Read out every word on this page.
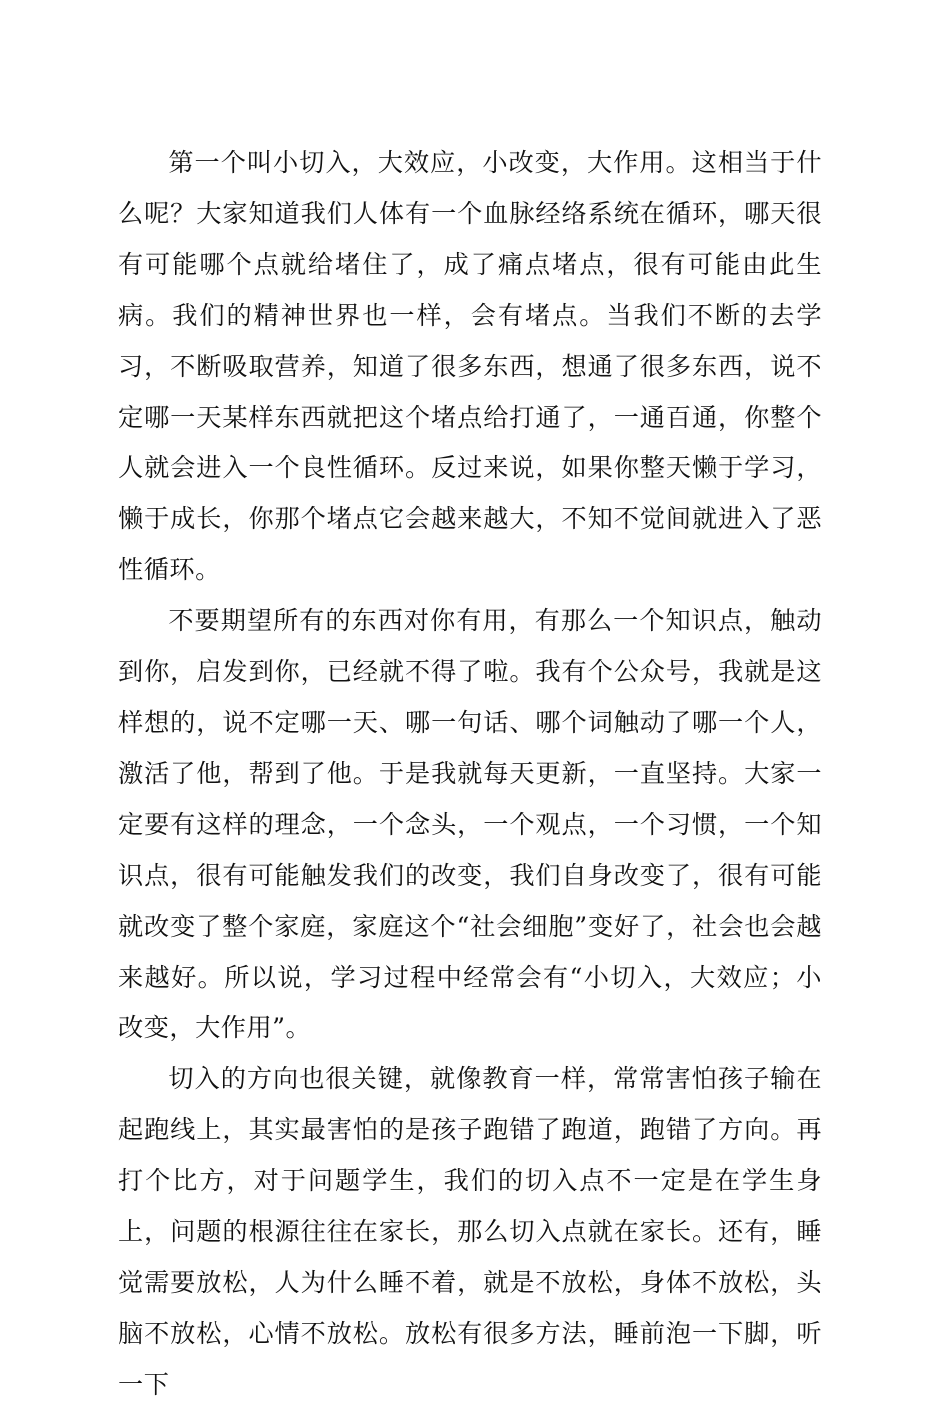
第一个叫小切入，大效应，小改变，大作用。这相当于什么呢？大家知道我们人体有一个血脉经络系统在循环，哪天很有可能哪个点就给堵住了，成了痛点堵点，很有可能由此生病。我们的精神世界也一样，会有堵点。当我们不断的去学习，不断吸取营养，知道了很多东西，想通了很多东西，说不定哪一天某样东西就把这个堵点给打通了，一通百通，你整个人就会进入一个良性循环。反过来说，如果你整天懒于学习，懒于成长，你那个堵点它会越来越大，不知不觉间就进入了恶性循环。

不要期望所有的东西对你有用，有那么一个知识点，触动到你，启发到你，已经就不得了啦。我有个公众号，我就是这样想的，说不定哪一天、哪一句话、哪个词触动了哪一个人，激活了他，帮到了他。于是我就每天更新，一直坚持。大家一定要有这样的理念，一个念头，一个观点，一个习惯，一个知识点，很有可能触发我们的改变，我们自身改变了，很有可能就改变了整个家庭，家庭这个“社会细胞”变好了，社会也会越来越好。所以说，学习过程中经常会有“小切入，大效应；小改变，大作用”。

切入的方向也很关键，就像教育一样，常常害怕孩子输在起跑线上，其实最害怕的是孩子跑错了跑道，跑错了方向。再打个比方，对于问题学生，我们的切入点不一定是在学生身上，问题的根源往往在家长，那么切入点就在家长。还有，睡觉需要放松，人为什么睡不着，就是不放松，身体不放松，头脑不放松，心情不放松。放松有很多方法，睡前泡一下脚，听一下
